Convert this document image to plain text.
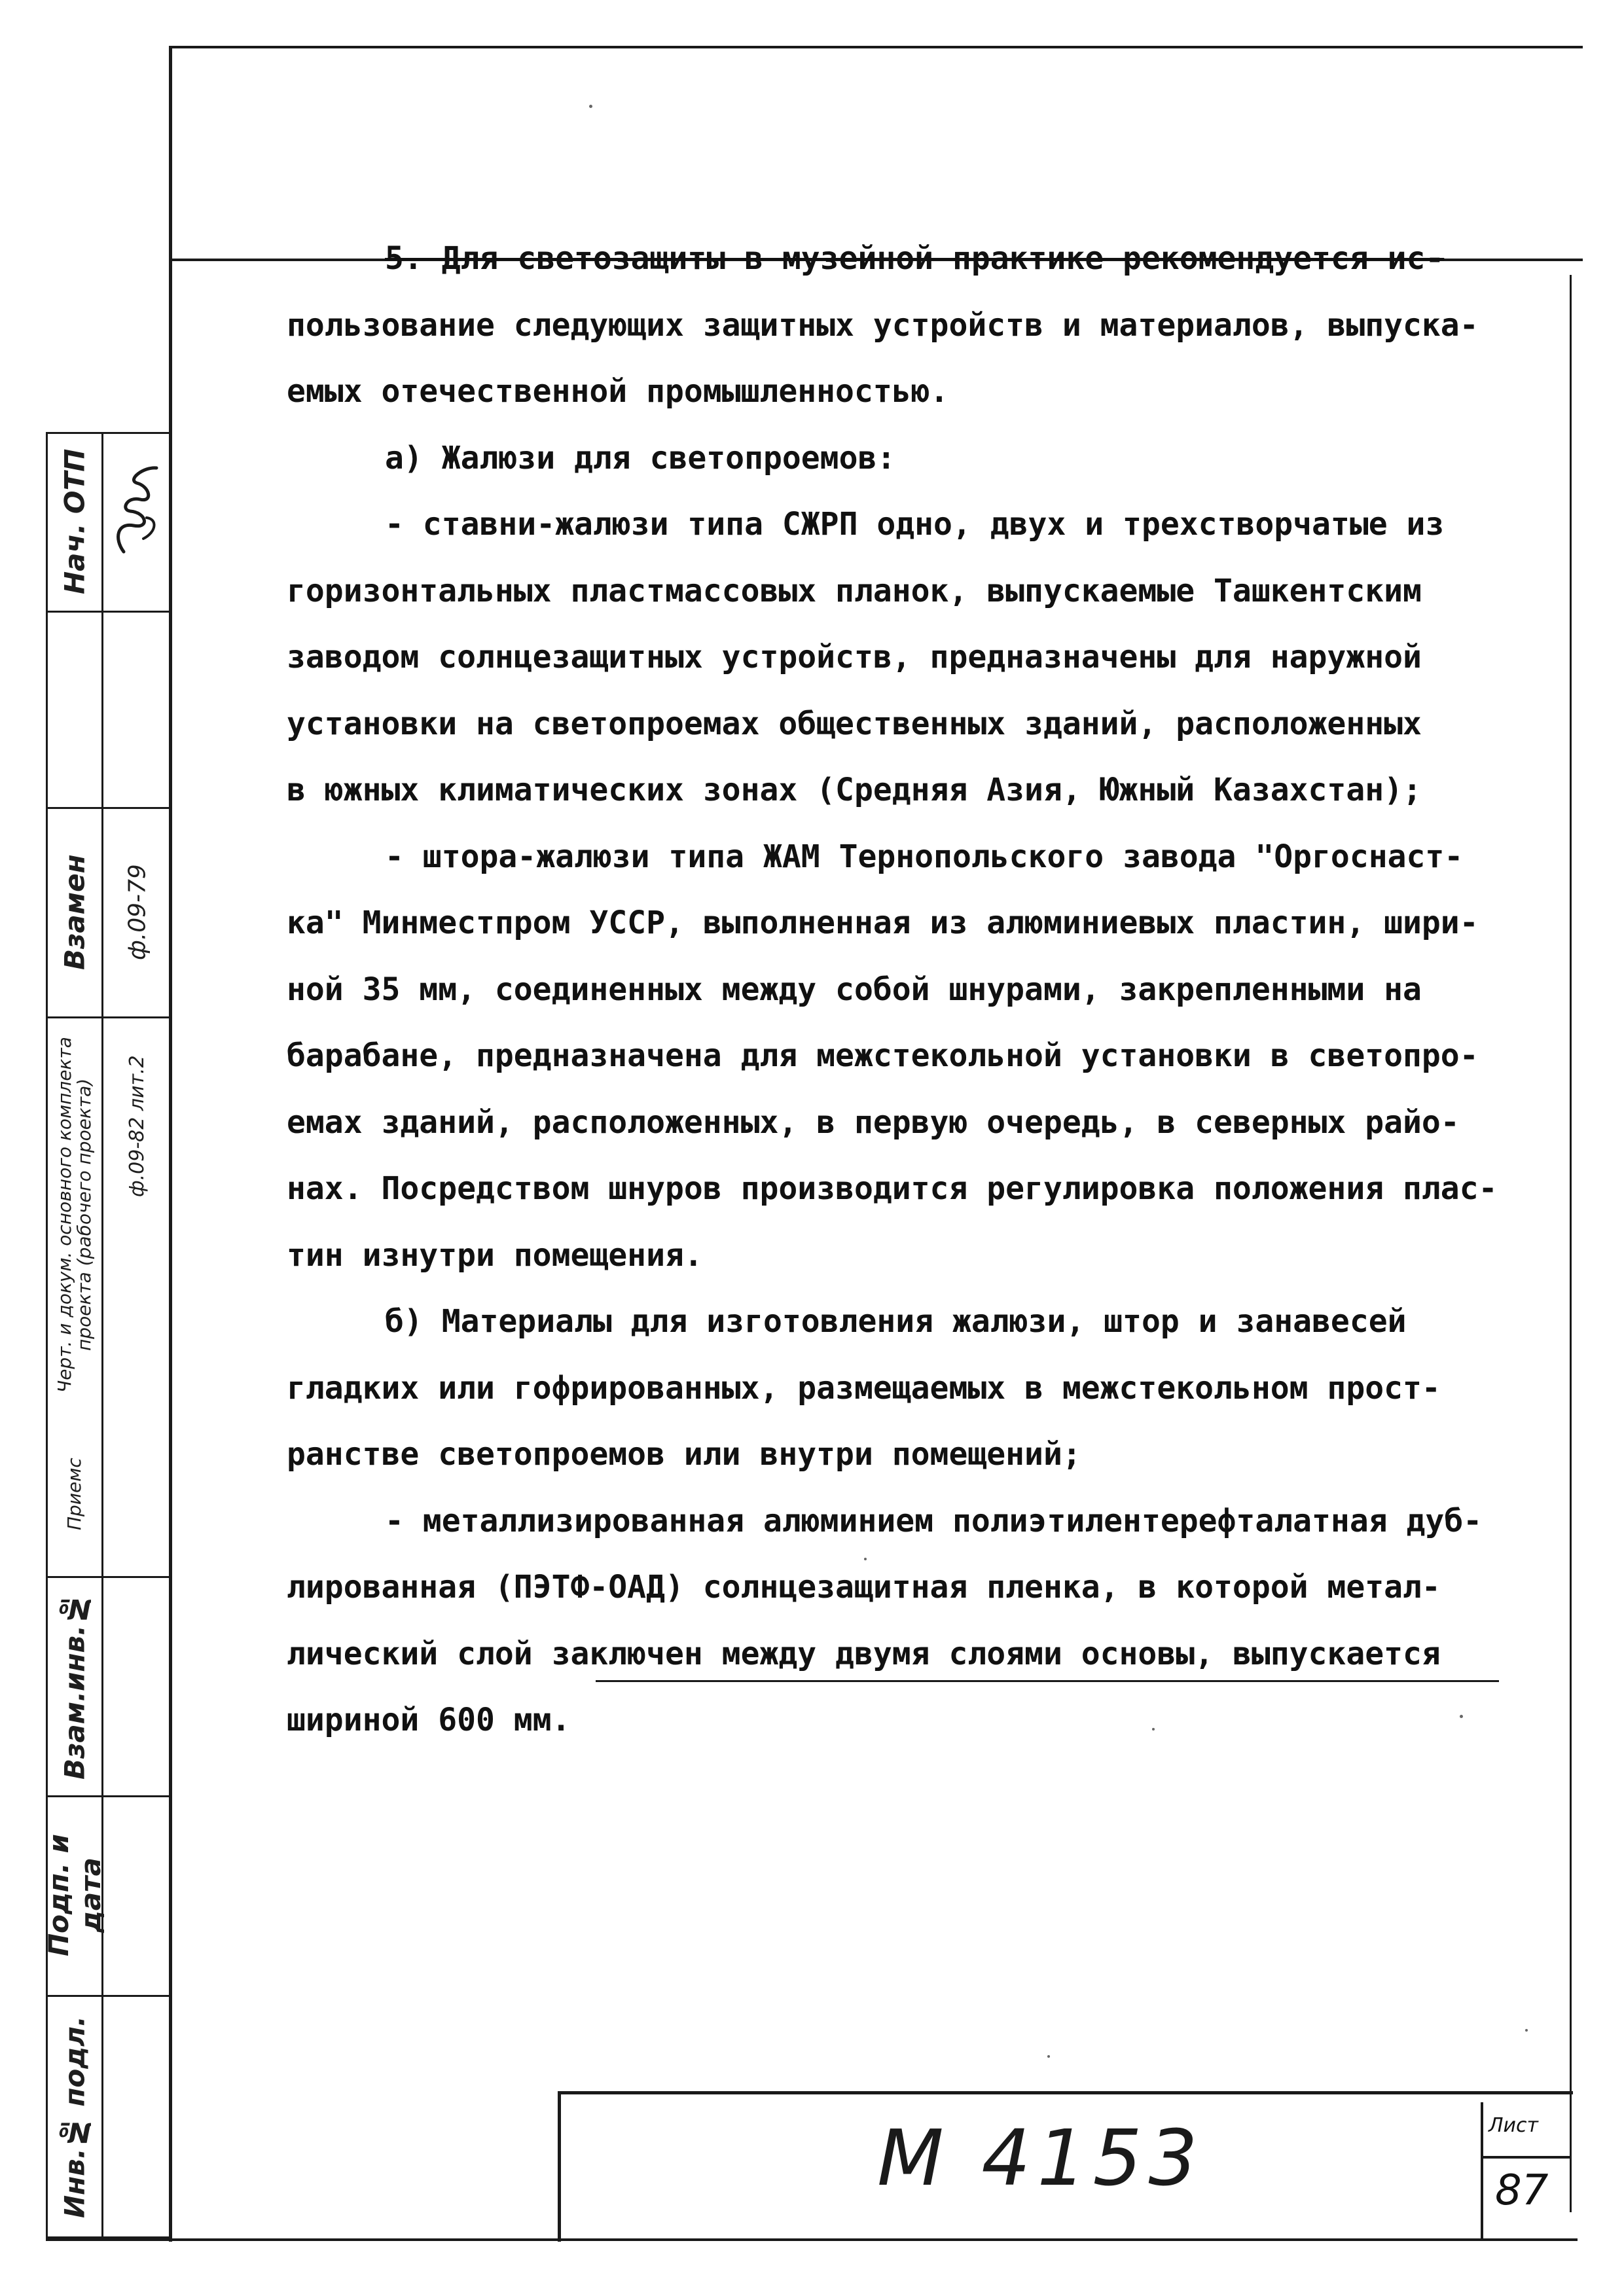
Инв.№ подл.
Подп. и дата
Взам.инв.№
Черт. и докум. основного комплекта проекта (рабочего проекта)
Взамен
Нач. ОТП
Приемс
ф.09-82 лит.2
ф.09-79
5. Для светозащиты в музейной практике рекомендуется ис-
пользование следующих защитных устройств и материалов, выпуска-
емых отечественной промышленностью.
а) Жалюзи для светопроемов:
- ставни-жалюзи типа СЖРП одно, двух и трехстворчатые из
горизонтальных пластмассовых планок, выпускаемые Ташкентским
заводом солнцезащитных устройств, предназначены для наружной
установки на светопроемах общественных зданий, расположенных
в южных климатических зонах (Средняя Азия, Южный Казахстан);
- штора-жалюзи типа ЖАМ Тернопольского завода "Оргоснаст-
ка" Минместпром УССР, выполненная из алюминиевых пластин, шири-
ной 35 мм, соединенных между собой шнурами, закрепленными на
барабане, предназначена для межстекольной установки в светопро-
емах зданий, расположенных, в первую очередь, в северных райо-
нах. Посредством шнуров производится регулировка положения плас-
тин изнутри помещения.
б) Материалы для изготовления жалюзи, штор и занавесей
гладких или гофрированных, размещаемых в межстекольном прост-
ранстве светопроемов или внутри помещений;
- металлизированная алюминием полиэтилентерефталатная дуб-
лированная (ПЭТФ-ОАД) солнцезащитная пленка, в которой метал-
лический слой заключен между двумя слоями основы, выпускается
шириной 600 мм.
М 4153	Лист
87
